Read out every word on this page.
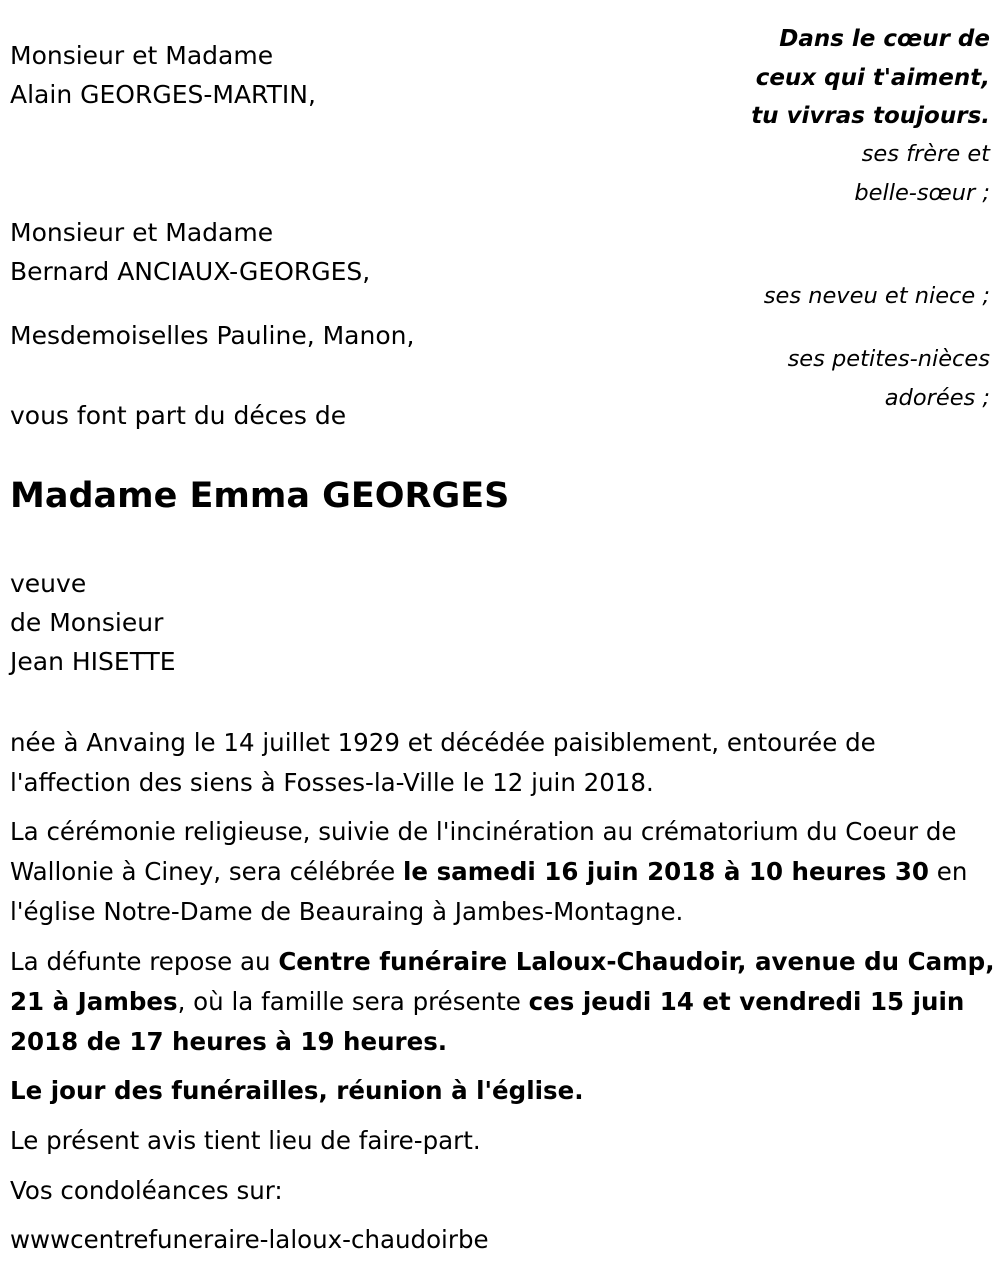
Monsieur et Madame
Alain GEORGES-MARTIN,
Monsieur et Madame
Bernard ANCIAUX-GEORGES,
Mesdemoiselles Pauline, Manon,
vous font part du déces de
Dans le cœur de
ceux qui t'aiment,
tu vivras toujours.
ses frère et
belle-sœur ;
ses neveu et niece ;
ses petites-nièces
adorées ;
Madame Emma GEORGES
veuve
de Monsieur
Jean HISETTE
née à Anvaing le 14 juillet 1929 et décédée paisiblement, entourée de l'affection des siens à Fosses-la-Ville le 12 juin 2018.
La cérémonie religieuse, suivie de l'incinération au crématorium du Coeur de Wallonie à Ciney, sera célébrée le samedi 16 juin 2018 à 10 heures 30 en l'église Notre-Dame de Beauraing à Jambes-Montagne.
La défunte repose au Centre funéraire Laloux-Chaudoir, avenue du Camp, 21 à Jambes, où la famille sera présente ces jeudi 14 et vendredi 15 juin 2018 de 17 heures à 19 heures.
Le jour des funérailles, réunion à l'église.
Le présent avis tient lieu de faire-part.
Vos condoléances sur:
wwwcentrefuneraire-laloux-chaudoirbe
